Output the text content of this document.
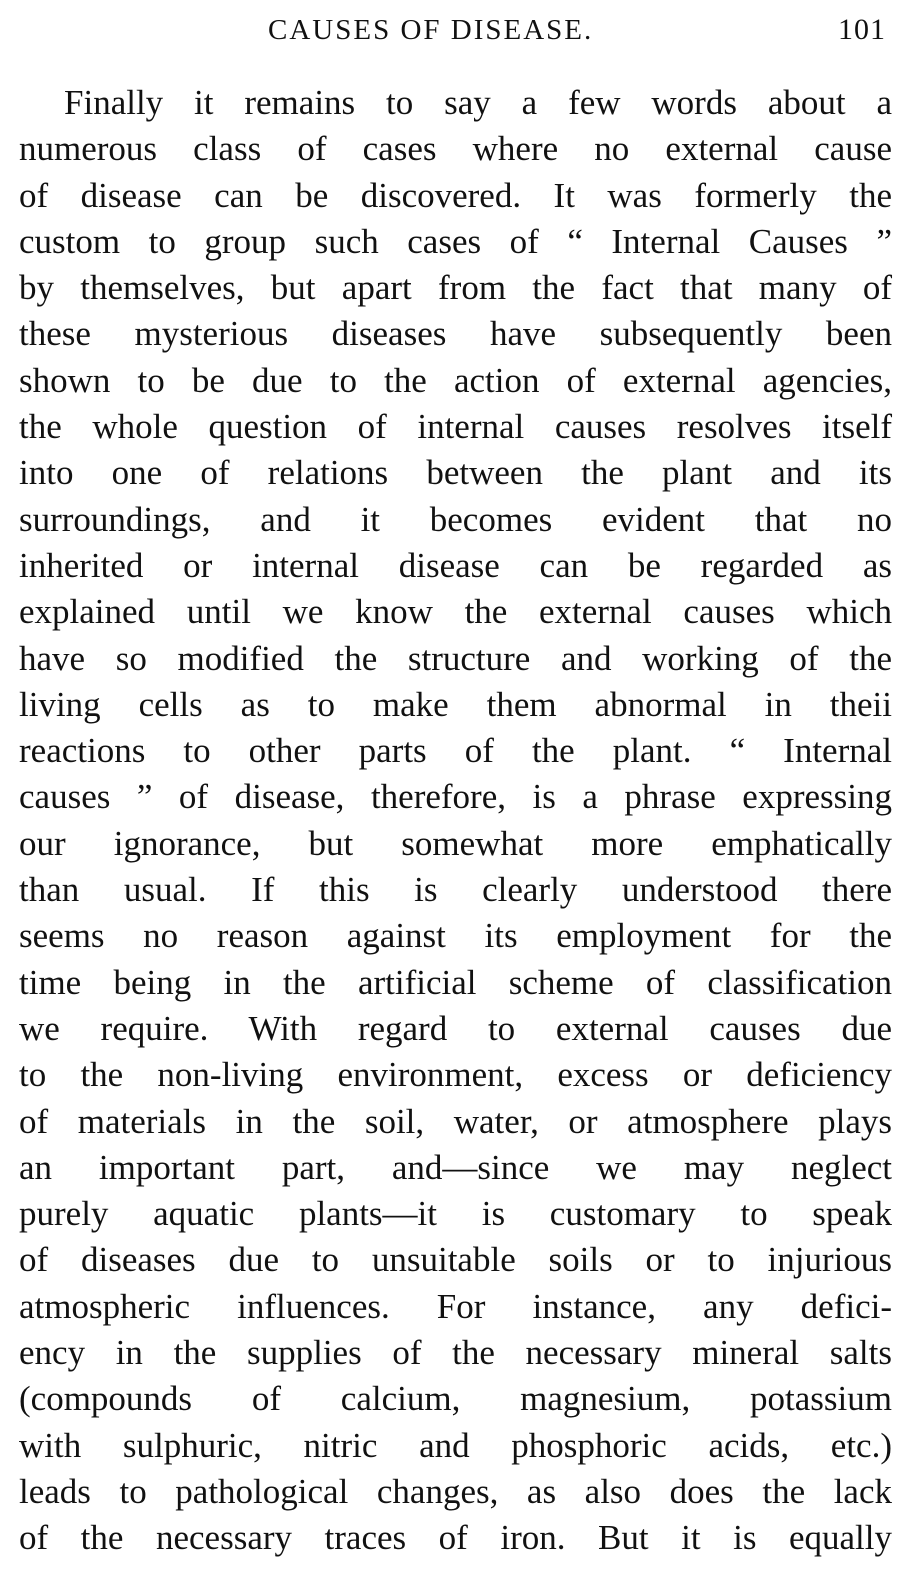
CAUSES OF DISEASE.	101
Finally it remains to say a few words about a
numerous class of cases where no external cause
of disease can be discovered. It was formerly the
custom to group such cases of “ Internal Causes ”
by themselves, but apart from the fact that many of
these mysterious diseases have subsequently been
shown to be due to the action of external agencies,
the whole question of internal causes resolves itself
into one of relations between the plant and its
surroundings, and it becomes evident that no
inherited or internal disease can be regarded as
explained until we know the external causes which
have so modified the structure and working of the
living cells as to make them abnormal in theii
reactions to other parts of the plant. “ Internal
causes ” of disease, therefore, is a phrase expressing
our ignorance, but somewhat more emphatically
than usual. If this is clearly understood there
seems no reason against its employment for the
time being in the artificial scheme of classification
we require. With regard to external causes due
to the non-living environment, excess or deficiency
of materials in the soil, water, or atmosphere plays
an important part, and—since we may neglect
purely aquatic plants—it is customary to speak
of diseases due to unsuitable soils or to injurious
atmospheric influences. For instance, any defici-
ency in the supplies of the necessary mineral salts
(compounds of calcium, magnesium, potassium
with sulphuric, nitric and phosphoric acids, etc.)
leads to pathological changes, as also does the lack
of the necessary traces of iron. But it is equally
